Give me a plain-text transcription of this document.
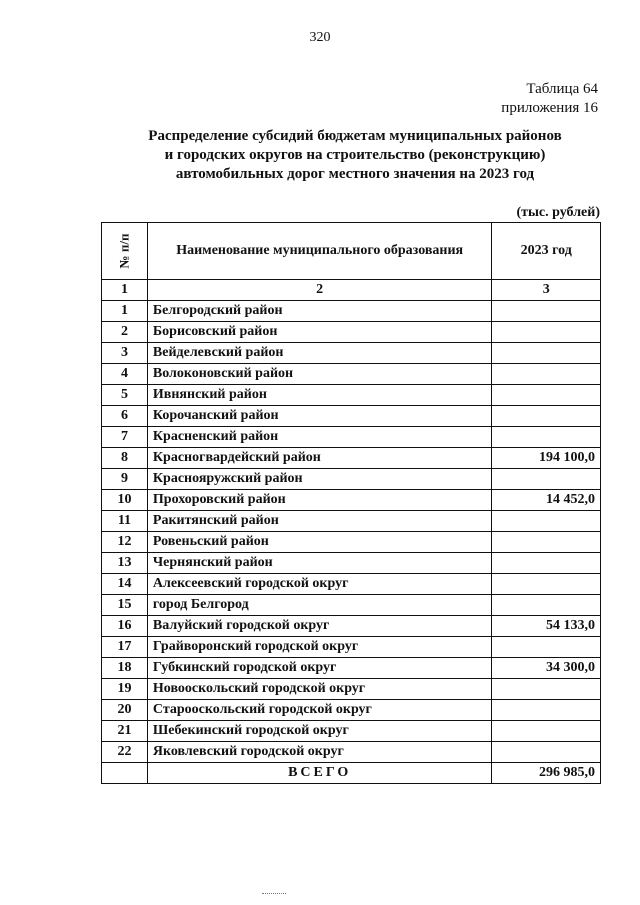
320
Таблица 64
приложения 16
Распределение субсидий бюджетам муниципальных районов
и городских округов на строительство (реконструкцию)
автомобильных дорог местного значения на 2023 год
(тыс. рублей)
№ п/п	Наименование муниципального образования	2023 год
1	2	3
1	Белгородский район	
2	Борисовский район	
3	Вейделевский район	
4	Волоконовский район	
5	Ивнянский район	
6	Корочанский район	
7	Красненский район	
8	Красногвардейский район	194 100,0
9	Краснояружский район	
10	Прохоровский район	14 452,0
11	Ракитянский район	
12	Ровеньский район	
13	Чернянский район	
14	Алексеевский городской округ	
15	город Белгород	
16	Валуйский городской округ	54 133,0
17	Грайворонский городской округ	
18	Губкинский городской округ	34 300,0
19	Новооскольский городской округ	
20	Старооскольский городской округ	
21	Шебекинский городской округ	
22	Яковлевский городской округ	
	ВСЕГО	296 985,0
